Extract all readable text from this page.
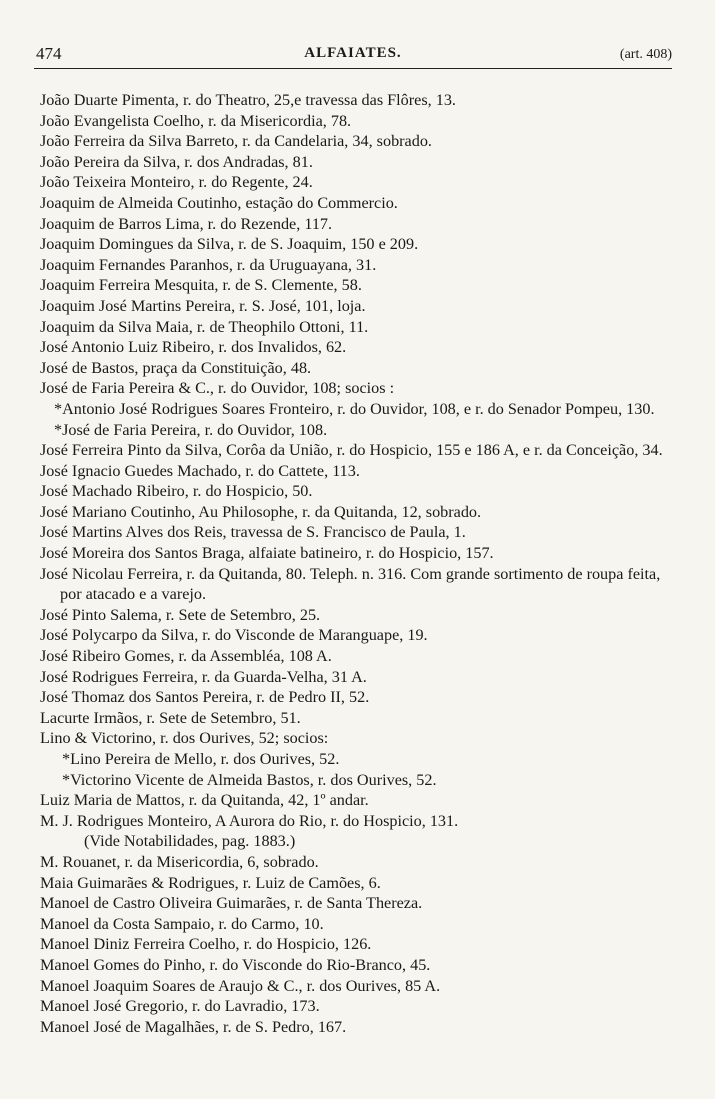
474	ALFAIATES.	(art. 408)
João Duarte Pimenta, r. do Theatro, 25,e travessa das Flôres, 13.
João Evangelista Coelho, r. da Misericordia, 78.
João Ferreira da Silva Barreto, r. da Candelaria, 34, sobrado.
João Pereira da Silva, r. dos Andradas, 81.
João Teixeira Monteiro, r. do Regente, 24.
Joaquim de Almeida Coutinho, estação do Commercio.
Joaquim de Barros Lima, r. do Rezende, 117.
Joaquim Domingues da Silva, r. de S. Joaquim, 150 e 209.
Joaquim Fernandes Paranhos, r. da Uruguayana, 31.
Joaquim Ferreira Mesquita, r. de S. Clemente, 58.
Joaquim José Martins Pereira, r. S. José, 101, loja.
Joaquim da Silva Maia, r. de Theophilo Ottoni, 11.
José Antonio Luiz Ribeiro, r. dos Invalidos, 62.
José de Bastos, praça da Constituição, 48.
José de Faria Pereira & C., r. do Ouvidor, 108; socios :
*Antonio José Rodrigues Soares Fronteiro, r. do Ouvidor, 108, e r. do Senador Pompeu, 130.
*José de Faria Pereira, r. do Ouvidor, 108.
José Ferreira Pinto da Silva, Corôa da União, r. do Hospicio, 155 e 186 A, e r. da Conceição, 34.
José Ignacio Guedes Machado, r. do Cattete, 113.
José Machado Ribeiro, r. do Hospicio, 50.
José Mariano Coutinho, Au Philosophe, r. da Quitanda, 12, sobrado.
José Martins Alves dos Reis, travessa de S. Francisco de Paula, 1.
José Moreira dos Santos Braga, alfaiate batineiro, r. do Hospicio, 157.
José Nicolau Ferreira, r. da Quitanda, 80. Teleph. n. 316. Com grande sortimento de roupa feita, por atacado e a varejo.
José Pinto Salema, r. Sete de Setembro, 25.
José Polycarpo da Silva, r. do Visconde de Maranguape, 19.
José Ribeiro Gomes, r. da Assembléa, 108 A.
José Rodrigues Ferreira, r. da Guarda-Velha, 31 A.
José Thomaz dos Santos Pereira, r. de Pedro II, 52.
Lacurte Irmãos, r. Sete de Setembro, 51.
Lino & Victorino, r. dos Ourives, 52; socios:
*Lino Pereira de Mello, r. dos Ourives, 52.
*Victorino Vicente de Almeida Bastos, r. dos Ourives, 52.
Luiz Maria de Mattos, r. da Quitanda, 42, 1º andar.
M. J. Rodrigues Monteiro, A Aurora do Rio, r. do Hospicio, 131.
(Vide Notabilidades, pag. 1883.)
M. Rouanet, r. da Misericordia, 6, sobrado.
Maia Guimarães & Rodrigues, r. Luiz de Camões, 6.
Manoel de Castro Oliveira Guimarães, r. de Santa Thereza.
Manoel da Costa Sampaio, r. do Carmo, 10.
Manoel Diniz Ferreira Coelho, r. do Hospicio, 126.
Manoel Gomes do Pinho, r. do Visconde do Rio-Branco, 45.
Manoel Joaquim Soares de Araujo & C., r. dos Ourives, 85 A.
Manoel José Gregorio, r. do Lavradio, 173.
Manoel José de Magalhães, r. de S. Pedro, 167.
